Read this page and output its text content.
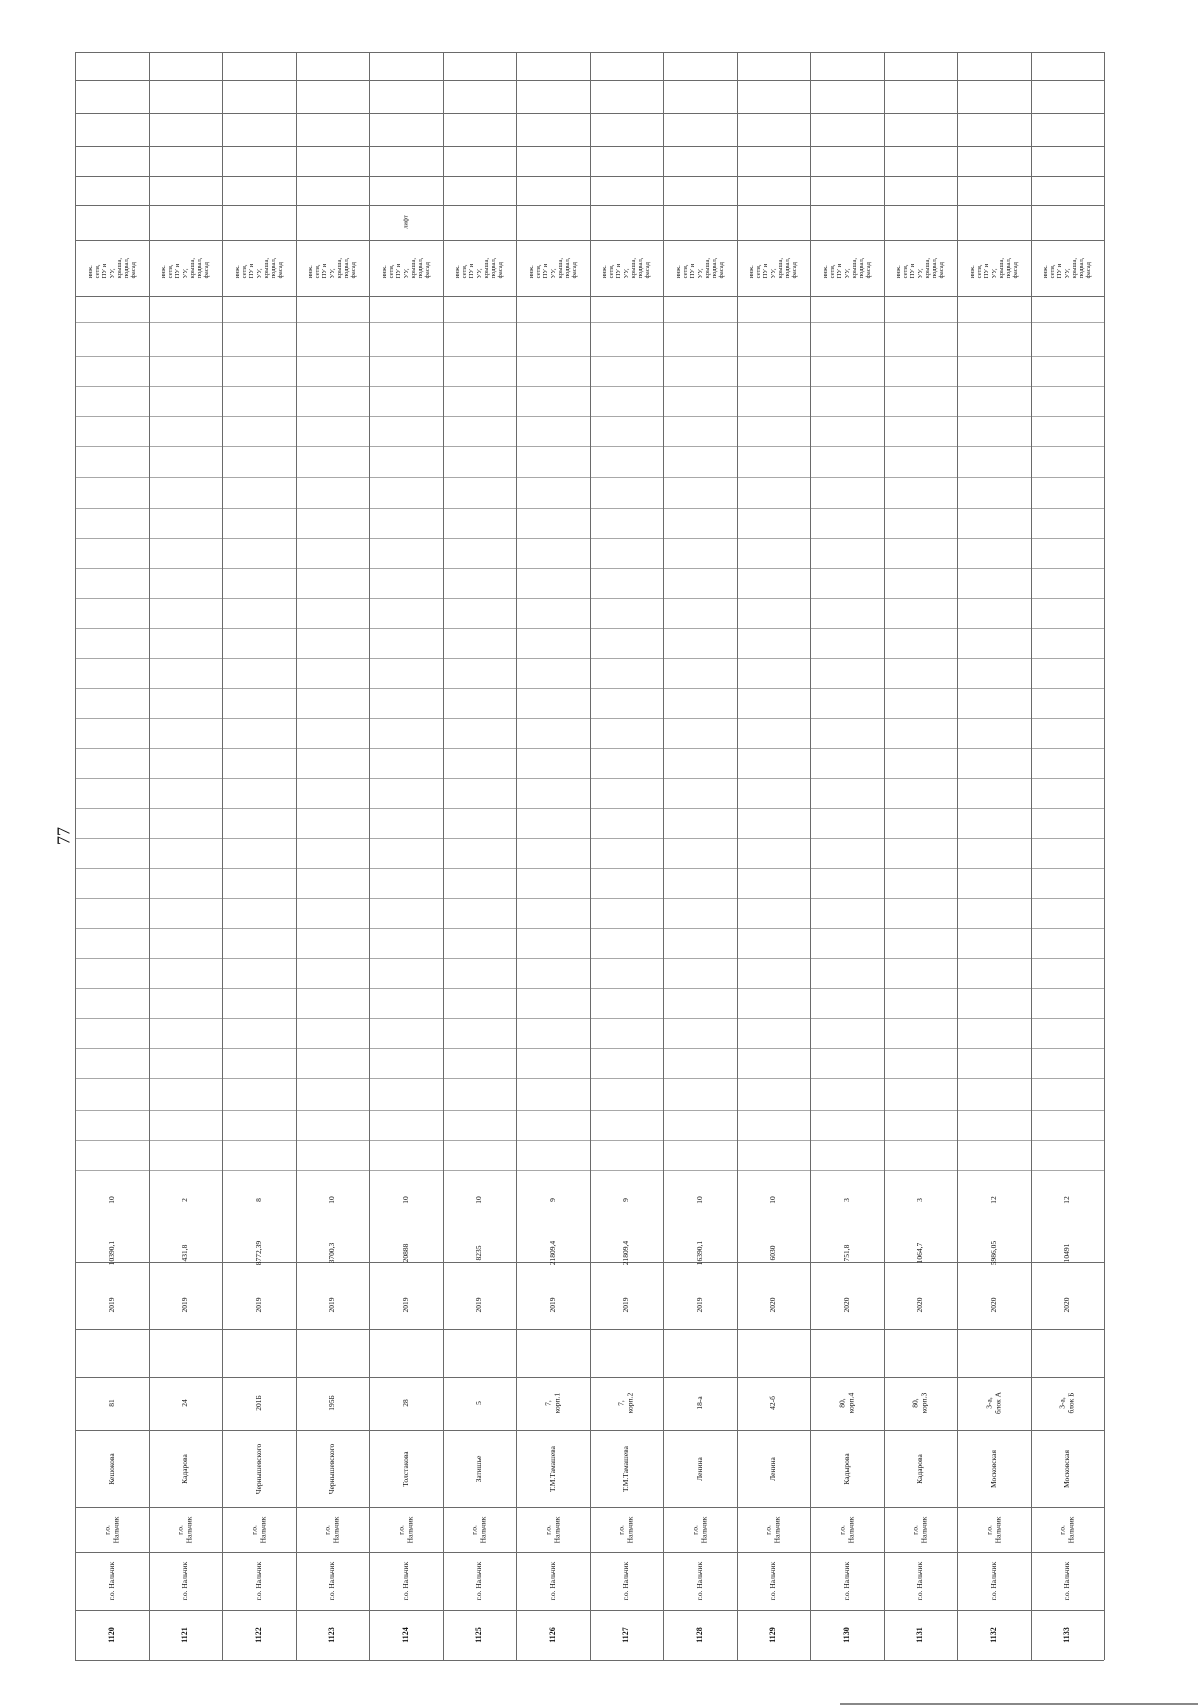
1120
г.о. Нальчик
г.о.
Нальчик
Кешокова
81
2019
10390,1
10
инж.
сети,
ПУ и
УУ,
крыша,
подвал,
фасад
1121
г.о. Нальчик
г.о.
Нальчик
Кадарова
24
2019
431,8
2
инж.
сети,
ПУ и
УУ,
крыша,
подвал,
фасад
1122
г.о. Нальчик
г.о.
Нальчик
Чернышевского
201Б
2019
8772,39
8
инж.
сети,
ПУ и
УУ,
крыша,
подвал,
фасад
1123
г.о. Нальчик
г.о.
Нальчик
Чернышевского
195Б
2019
3700,3
10
инж.
сети,
ПУ и
УУ,
крыша,
подвал,
фасад
1124
г.о. Нальчик
г.о.
Нальчик
Толстакова
28
2019
20888
10
инж.
сети,
ПУ и
УУ,
крыша,
подвал,
фасад
лифт
1125
г.о. Нальчик
г.о.
Нальчик
Затишье
5
2019
8235
10
инж.
сети,
ПУ и
УУ,
крыша,
подвал,
фасад
1126
г.о. Нальчик
г.о.
Нальчик
Т.М.Тамашева
7,
корп.1
2019
21809,4
9
инж.
сети,
ПУ и
УУ,
крыша,
подвал,
фасад
1127
г.о. Нальчик
г.о.
Нальчик
Т.М.Тамашева
7,
корп.2
2019
21809,4
9
инж.
сети,
ПУ и
УУ,
крыша,
подвал,
фасад
1128
г.о. Нальчик
г.о.
Нальчик
Ленина
18-а
2019
16390,1
10
инж.
сети,
ПУ и
УУ,
крыша,
подвал,
фасад
1129
г.о. Нальчик
г.о.
Нальчик
Ленина
42-б
2020
6030
10
инж.
сети,
ПУ и
УУ,
крыша,
подвал,
фасад
1130
г.о. Нальчик
г.о.
Нальчик
Кадырова
80,
корп.4
2020
751,8
3
инж.
сети,
ПУ и
УУ,
крыша,
подвал,
фасад
1131
г.о. Нальчик
г.о.
Нальчик
Кадарова
80,
корп.3
2020
1064,7
3
инж.
сети,
ПУ и
УУ,
крыша,
подвал,
фасад
1132
г.о. Нальчик
г.о.
Нальчик
Московская
3-а,
блок А
2020
5986,05
12
инж.
сети,
ПУ и
УУ,
крыша,
подвал,
фасад
1133
г.о. Нальчик
г.о.
Нальчик
Московская
3-а,
блок Б
2020
10491
12
инж.
сети,
ПУ и
УУ,
крыша,
подвал,
фасад
77
